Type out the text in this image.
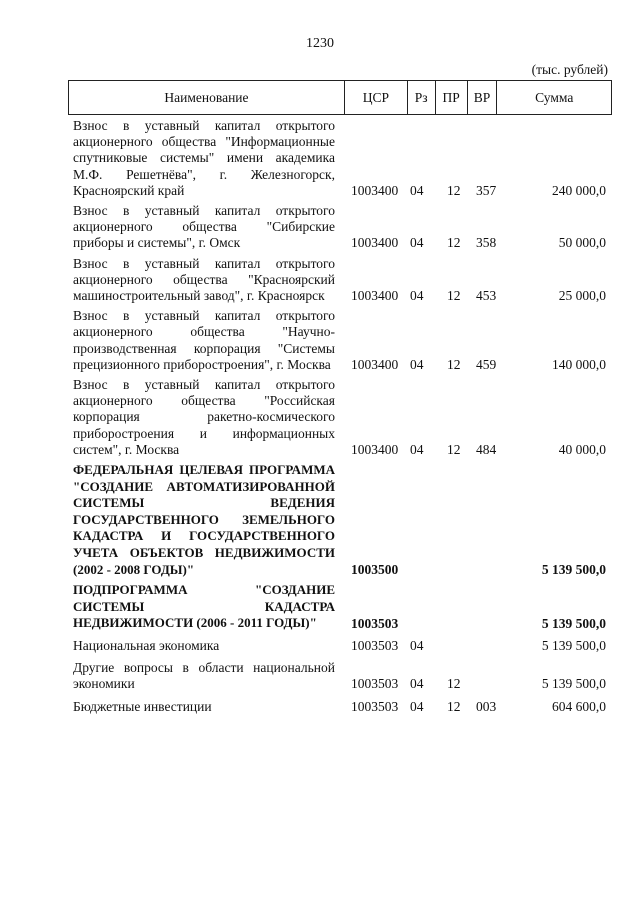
1230
(тыс. рублей)
Наименование	ЦСР	Рз	ПР	ВР	Сумма
Взнос в уставный капитал открытого акционерного общества "Информационные спутниковые системы" имени академика М.Ф. Решетнёва", г. Железногорск, Красноярский край	1003400 04 12 357	240 000,0
Взнос в уставный капитал открытого акционерного общества "Сибирские приборы и системы", г. Омск	1003400 04 12 358	50 000,0
Взнос в уставный капитал открытого акционерного общества "Красноярский машиностроительный завод", г. Красноярск	1003400 04 12 453	25 000,0
Взнос в уставный капитал открытого акционерного общества "Научно-производственная корпорация "Системы прецизионного приборостроения", г. Москва	1003400 04 12 459	140 000,0
Взнос в уставный капитал открытого акционерного общества "Российская корпорация ракетно-космического приборостроения и информационных систем", г. Москва	1003400 04 12 484	40 000,0
ФЕДЕРАЛЬНАЯ ЦЕЛЕВАЯ ПРОГРАММА "СОЗДАНИЕ АВТОМАТИЗИРОВАННОЙ СИСТЕМЫ ВЕДЕНИЯ ГОСУДАРСТВЕННОГО ЗЕМЕЛЬНОГО КАДАСТРА И ГОСУДАРСТВЕННОГО УЧЕТА ОБЪЕКТОВ НЕДВИЖИМОСТИ (2002 - 2008 ГОДЫ)"	1003500	5 139 500,0
ПОДПРОГРАММА "СОЗДАНИЕ СИСТЕМЫ КАДАСТРА НЕДВИЖИМОСТИ (2006 - 2011 ГОДЫ)"	1003503	5 139 500,0
Национальная экономика	1003503 04	5 139 500,0
Другие вопросы в области национальной экономики	1003503 04 12	5 139 500,0
Бюджетные инвестиции	1003503 04 12 003	604 600,0
